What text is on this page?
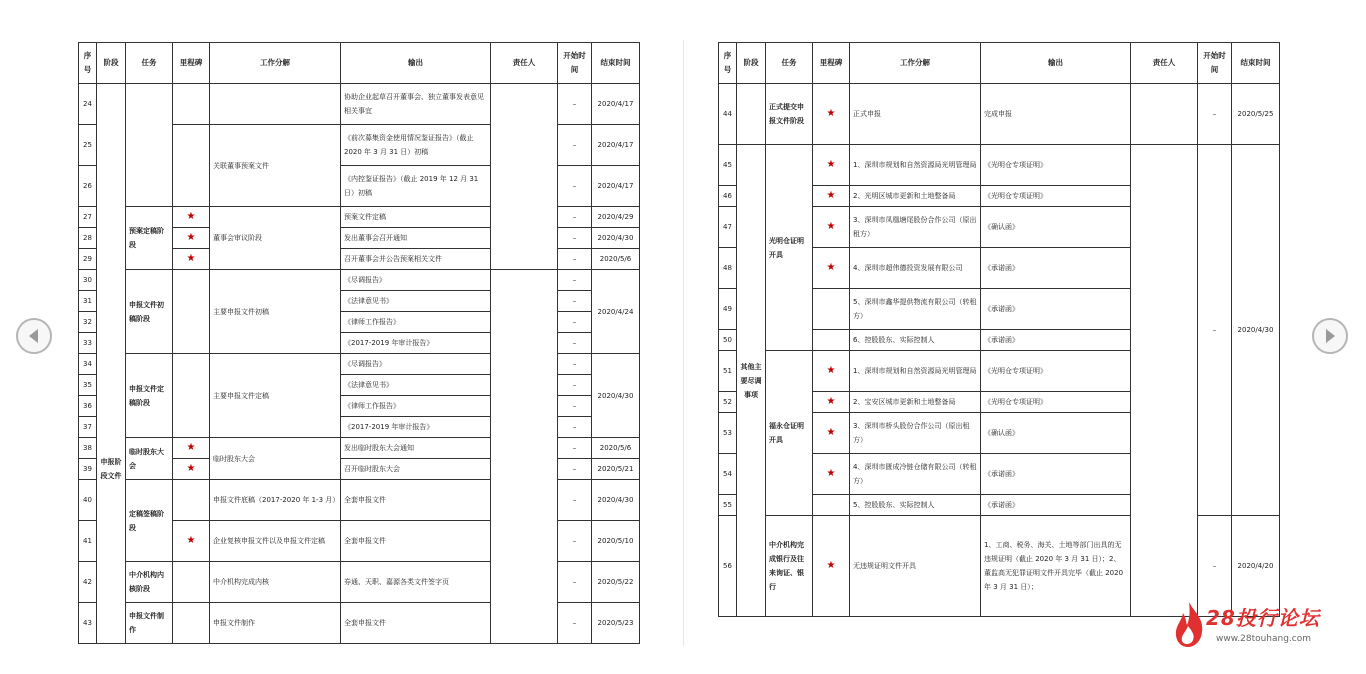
序号	阶段	任务	里程碑	工作分解	输出	责任人	开始时间	结束时间
24	申报阶段文件				协助企业起草召开董事会、独立董事发表意见相关事宜		–	2020/4/17
25				关联董事预案文件	《前次募集资金使用情况鉴证报告》（截止 2020 年 3 月 31 日）初稿		–	2020/4/17
26					《内控鉴证报告》（截止 2019 年 12 月 31 日）初稿		–	2020/4/17
27		预案定稿阶段	★	董事会审议阶段	预案文件定稿		–	2020/4/29
28			★		发出董事会召开通知		–	2020/4/30
29			★		召开董事会并公告预案相关文件		–	2020/5/6
30		申报文件初稿阶段		主要申报文件初稿	《尽调报告》		–	2020/4/24
31					《法律意见书》		–	
32					《律师工作报告》		–	
33					《2017-2019 年审计报告》		–	
34		申报文件定稿阶段		主要申报文件定稿	《尽调报告》		–	2020/4/30
35					《法律意见书》		–	
36					《律师工作报告》		–	
37					《2017-2019 年审计报告》		–	
38		临时股东大会	★	临时股东大会	发出临时股东大会通知		–	2020/5/6
39			★		召开临时股东大会		–	2020/5/21
40		定稿签稿阶段		申报文件底稿（2017-2020 年 1-3 月）	全套申报文件		–	2020/4/30
41			★	企业复核申报文件以及申报文件定稿	全套申报文件		–	2020/5/10
42		中介机构内核阶段		中介机构完成内核	券通、天职、嘉源各类文件签字页		–	2020/5/22
43		申报文件制作		申报文件制作	全套申报文件		–	2020/5/23
序号	阶段	任务	里程碑	工作分解	输出	责任人	开始时间	结束时间
44		正式提交申报文件阶段	★	正式申报	完成申报		–	2020/5/25
45	其他主要尽调事项	光明仓证明开具	★	1、深圳市规划和自然资源局光明管理局	《光明仓专项证明》		–	2020/4/30
46			★	2、光明区城市更新和土地整备局	《光明仓专项证明》			
47			★	3、深圳市凤凰塘尾股份合作公司（原出租方）	《确认函》			
48			★	4、深圳市超伟德投资发展有限公司	《承诺函》			
49				5、深圳市鑫华提供物流有限公司（转租方）	《承诺函》			
50				6、控股股东、实际控制人	《承诺函》			
51		福永仓证明开具	★	1、深圳市规划和自然资源局光明管理局	《光明仓专项证明》			
52			★	2、宝安区城市更新和土地整备局	《光明仓专项证明》			
53			★	3、深圳市桥头股份合作公司（原出租方）	《确认函》			
54			★	4、深圳市匮成冷链仓储有限公司（转租方）	《承诺函》			
55				5、控股股东、实际控制人	《承诺函》			
56		中介机构完成银行及往来询证、银行	★	无违规证明文件开具	1、工商、税务、海关、土地等部门出具的无违规证明（截止 2020 年 3 月 31 日）；2、董监高无犯罪证明文件开具完毕（截止 2020 年 3 月 31 日）；		–	2020/4/20
28投行论坛
www.28touhang.com
